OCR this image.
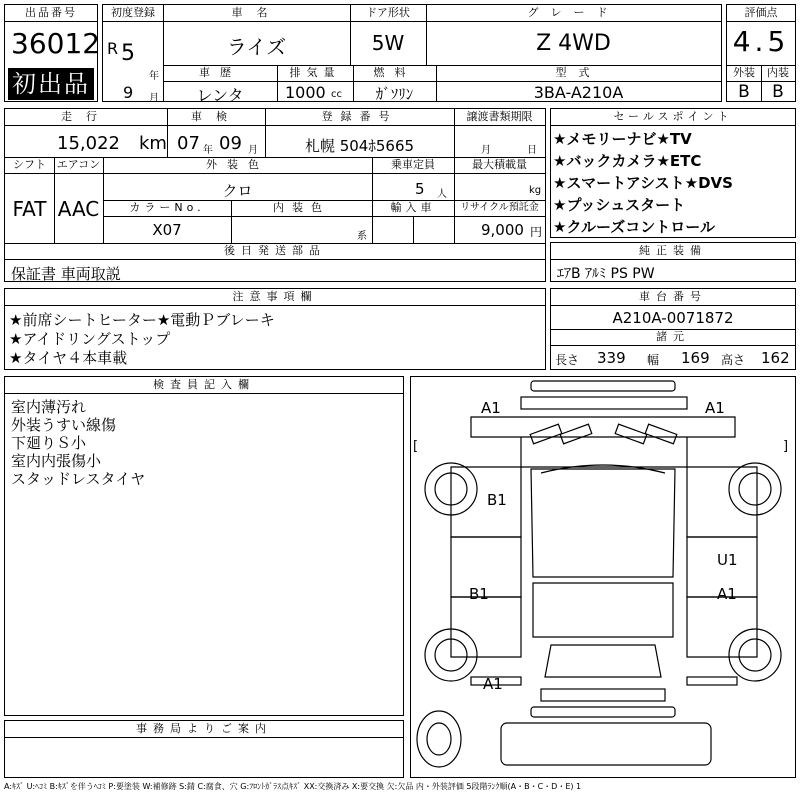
出品番号
36012
初出品
初度登録
R 5
年
9 月
車名
ライズ
ドア形状
5W
グレード
Z 4WD
車歴
レンタ
排気量
1000 cc
燃料
ｶﾞｿﾘﾝ
型式
3BA-A210A
評価点
4.5
外装	内装
B	B
走行
15,022 km
車検
07 年 09 月
登録番号
札幌 504ﾎ5665
譲渡書類期限
月	日
シフト
FAT
エアコン
AAC
外装色
クロ
乗車定員
5 人
最大積載量
kg
カラーNo.
X07
内装色
系
輸入車	リサイクル預託金
9,000 円
後日発送部品
保証書 車両取説
セールスポイント
★メモリーナビ★TV
★バックカメラ★ETC
★スマートアシスト★DVS
★プッシュスタート
★クルーズコントロール
純正装備
ｴｱB ｱﾙﾐ PS PW
注意事項欄
★前席シートヒーター★電動Ｐブレーキ
★アイドリングストップ
★タイヤ４本車載
車台番号
A210A-0071872
諸元
長さ 339 幅 169 高さ 162
検査員記入欄
室内薄汚れ
外装うすい線傷
下廻りＳ小
室内内張傷小
スタッドレスタイヤ
事務局よりご案内
A1	A1
B1
U1
B1	A1
A1
[	]
A:ｷｽﾞ U:ﾍｺﾐ B:ｷｽﾞを伴うﾍｺﾐ P:要塗装 W:補修跡 S:錆 C:腐食、穴 G:ﾌﾛﾝﾄｶﾞﾗｽ点ｷｽﾞ XX:交換済み X:要交換 欠:欠品 内・外装評価 5段階ﾗﾝｸ順(A・B・C・D・E) 1
